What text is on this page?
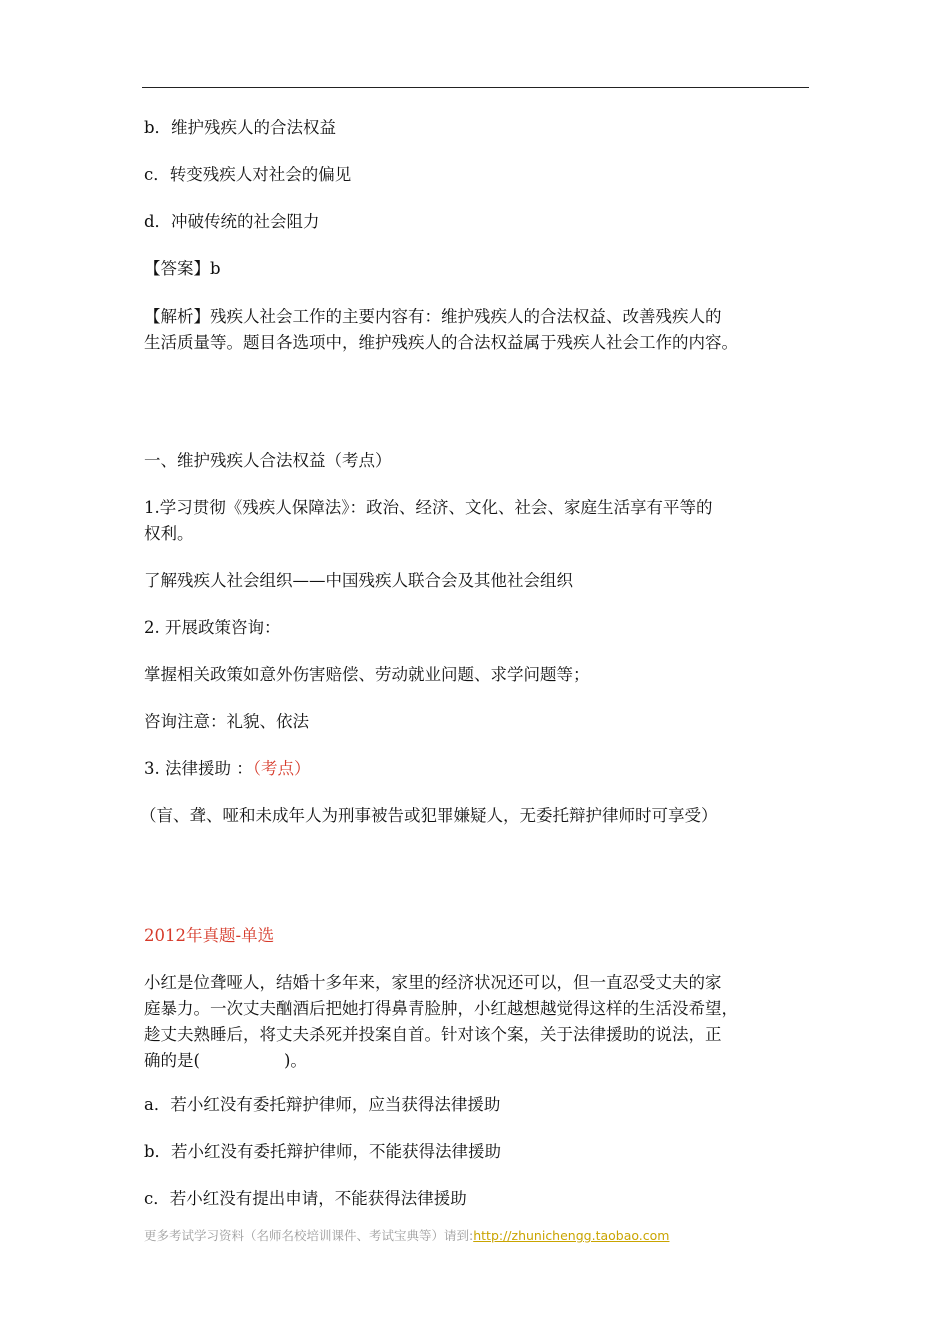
b．维护残疾人的合法权益
c．转变残疾人对社会的偏见
d．冲破传统的社会阻力
【答案】b
【解析】残疾人社会工作的主要内容有：维护残疾人的合法权益、改善残疾人的
生活质量等。题目各选项中，维护残疾人的合法权益属于残疾人社会工作的内容。
一、维护残疾人合法权益（考点）
1.学习贯彻《残疾人保障法》：政治、经济、文化、社会、家庭生活享有平等的
权利。
了解残疾人社会组织——中国残疾人联合会及其他社会组织
2. 开展政策咨询：
掌握相关政策如意外伤害赔偿、劳动就业问题、求学问题等；
咨询注意：礼貌、依法
3. 法律援助 ：（考点）
（盲、聋、哑和未成年人为刑事被告或犯罪嫌疑人，无委托辩护律师时可享受）
2012年真题-单选
小红是位聋哑人，结婚十多年来，家里的经济状况还可以，但一直忍受丈夫的家
庭暴力。一次丈夫酗酒后把她打得鼻青脸肿，小红越想越觉得这样的生活没希望，
趁丈夫熟睡后，将丈夫杀死并投案自首。针对该个案，关于法律援助的说法，正
确的是(	)。
a．若小红没有委托辩护律师，应当获得法律援助
b．若小红没有委托辩护律师，不能获得法律援助
c．若小红没有提出申请，不能获得法律援助
更多考试学习资料（名师名校培训课件、考试宝典等）请到:http://zhunichengg.taobao.com
